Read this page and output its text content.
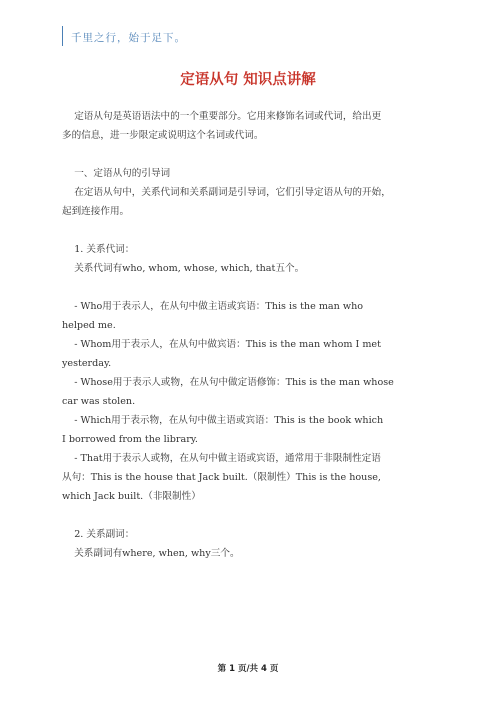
千里之行，始于足下。
定语从句 知识点讲解

定语从句是英语语法中的一个重要部分。它用来修饰名词或代词，给出更

多的信息，进一步限定或说明这个名词或代词。

一、定语从句的引导词

在定语从句中，关系代词和关系副词是引导词，它们引导定语从句的开始，

起到连接作用。

1. 关系代词：

关系代词有who, whom, whose, which, that五个。

- Who用于表示人，在从句中做主语或宾语：This is the man who

helped me.

- Whom用于表示人，在从句中做宾语：This is the man whom I met

yesterday.

- Whose用于表示人或物，在从句中做定语修饰：This is the man whose

car was stolen.

- Which用于表示物，在从句中做主语或宾语：This is the book which

I borrowed from the library.

- That用于表示人或物，在从句中做主语或宾语，通常用于非限制性定语

从句：This is the house that Jack built.（限制性）This is the house,

which Jack built.（非限制性）

2. 关系副词：

关系副词有where, when, why三个。

第 1 页/共 4 页
